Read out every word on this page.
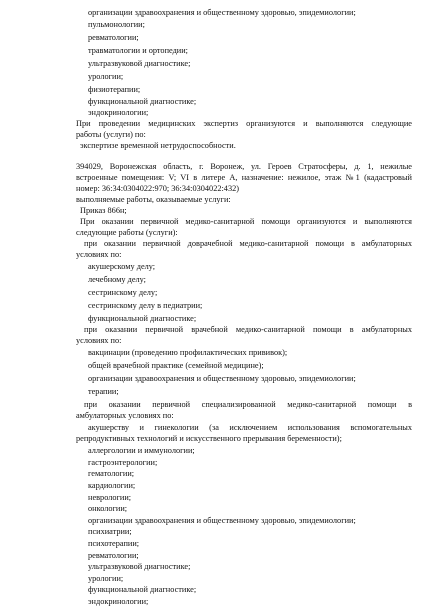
организации здравоохранения и общественному здоровью, эпидемиологии;
пульмонологии;
ревматологии;
травматологии и ортопедии;
ультразвуковой диагностике;
урологии;
физиотерапии;
функциональной диагностике;
эндокринологии;
При проведении медицинских экспертиз организуются и выполняются следующие
работы (услуги) по:
экспертизе временной нетрудоспособности.
394029, Воронежская область, г. Воронеж, ул. Героев Стратосферы, д. 1, нежилые
встроенные помещения: V; VI в литере А, назначение: нежилое, этаж №1 (кадастровый
номер: 36:34:0304022:970; 36:34:0304022:432)
выполняемые работы, оказываемые услуги:
Приказ 866н;
При оказании первичной медико-санитарной помощи организуются и выполняются
следующие работы (услуги):
при оказании первичной доврачебной медико-санитарной помощи в амбулаторных
условиях по:
акушерскому делу;
лечебному делу;
сестринскому делу;
сестринскому делу в педиатрии;
функциональной диагностике;
при оказании первичной врачебной медико-санитарной помощи в амбулаторных
условиях по:
вакцинации (проведению профилактических прививок);
общей врачебной практике (семейной медицине);
организации здравоохранения и общественному здоровью, эпидемиологии;
терапии;
при оказании первичной специализированной медико-санитарной помощи в
амбулаторных условиях по:
акушерству и гинекологии (за исключением использования вспомогательных
репродуктивных технологий и искусственного прерывания беременности);
аллергологии и иммунологии;
гастроэнтерологии;
гематологии;
кардиологии;
неврологии;
онкологии;
организации здравоохранения и общественному здоровью, эпидемиологии;
психиатрии;
психотерапии;
ревматологии;
ультразвуковой диагностике;
урологии;
функциональной диагностике;
эндокринологии;
